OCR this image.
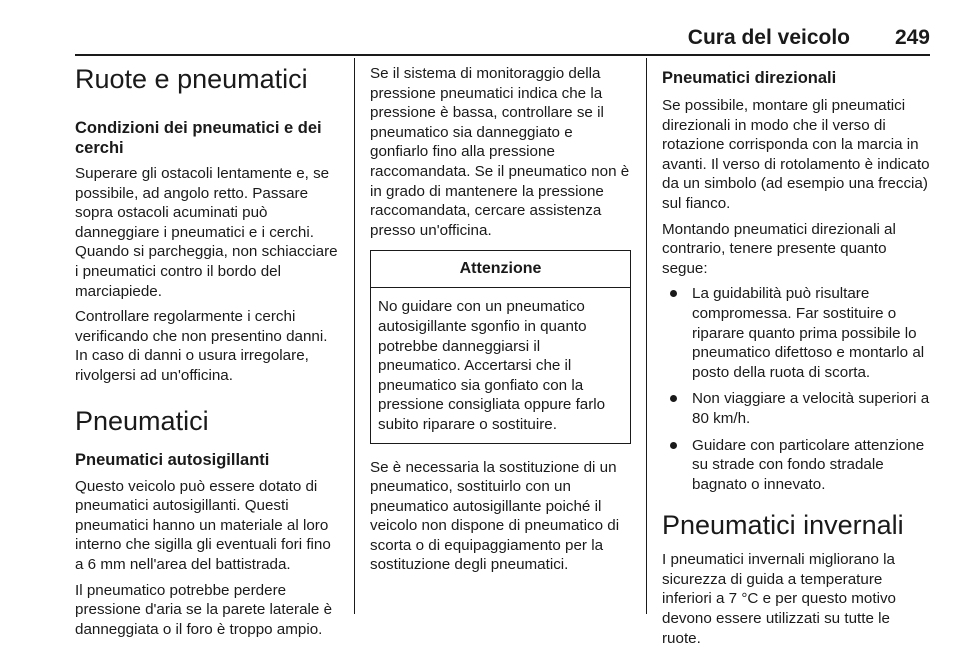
Cura del veicolo 249
Ruote e pneumatici
Condizioni dei pneumatici e dei cerchi

Superare gli ostacoli lentamente e, se possibile, ad angolo retto. Passare sopra ostacoli acuminati può danneggiare i pneumatici e i cerchi. Quando si parcheggia, non schiacciare i pneumatici contro il bordo del marciapiede.

Controllare regolarmente i cerchi verificando che non presentino danni. In caso di danni o usura irregolare, rivolgersi ad un'officina.

Pneumatici
Pneumatici autosigillanti

Questo veicolo può essere dotato di pneumatici autosigillanti. Questi pneumatici hanno un materiale al loro interno che sigilla gli eventuali fori fino a 6 mm nell'area del battistrada.

Il pneumatico potrebbe perdere pressione d'aria se la parete laterale è danneggiata o il foro è troppo ampio.

Se il sistema di monitoraggio della pressione pneumatici indica che la pressione è bassa, controllare se il pneumatico sia danneggiato e gonfiarlo fino alla pressione raccomandata. Se il pneumatico non è in grado di mantenere la pressione raccomandata, cercare assistenza presso un'officina.

Attenzione

No guidare con un pneumatico autosigillante sgonfio in quanto potrebbe danneggiarsi il pneumatico. Accertarsi che il pneumatico sia gonfiato con la pressione consigliata oppure farlo subito riparare o sostituire.

Se è necessaria la sostituzione di un pneumatico, sostituirlo con un pneumatico autosigillante poiché il veicolo non dispone di pneumatico di scorta o di equipaggiamento per la sostituzione degli pneumatici.

Pneumatici direzionali

Se possibile, montare gli pneumatici direzionali in modo che il verso di rotazione corrisponda con la marcia in avanti. Il verso di rotolamento è indicato da un simbolo (ad esempio una freccia) sul fianco.

Montando pneumatici direzionali al contrario, tenere presente quanto segue:

La guidabilità può risultare compromessa. Far sostituire o riparare quanto prima possibile lo pneumatico difettoso e montarlo al posto della ruota di scorta.

Non viaggiare a velocità superiori a 80 km/h.

Guidare con particolare attenzione su strade con fondo stradale bagnato o innevato.

Pneumatici invernali

I pneumatici invernali migliorano la sicurezza di guida a temperature inferiori a 7 °C e per questo motivo devono essere utilizzati su tutte le ruote.
